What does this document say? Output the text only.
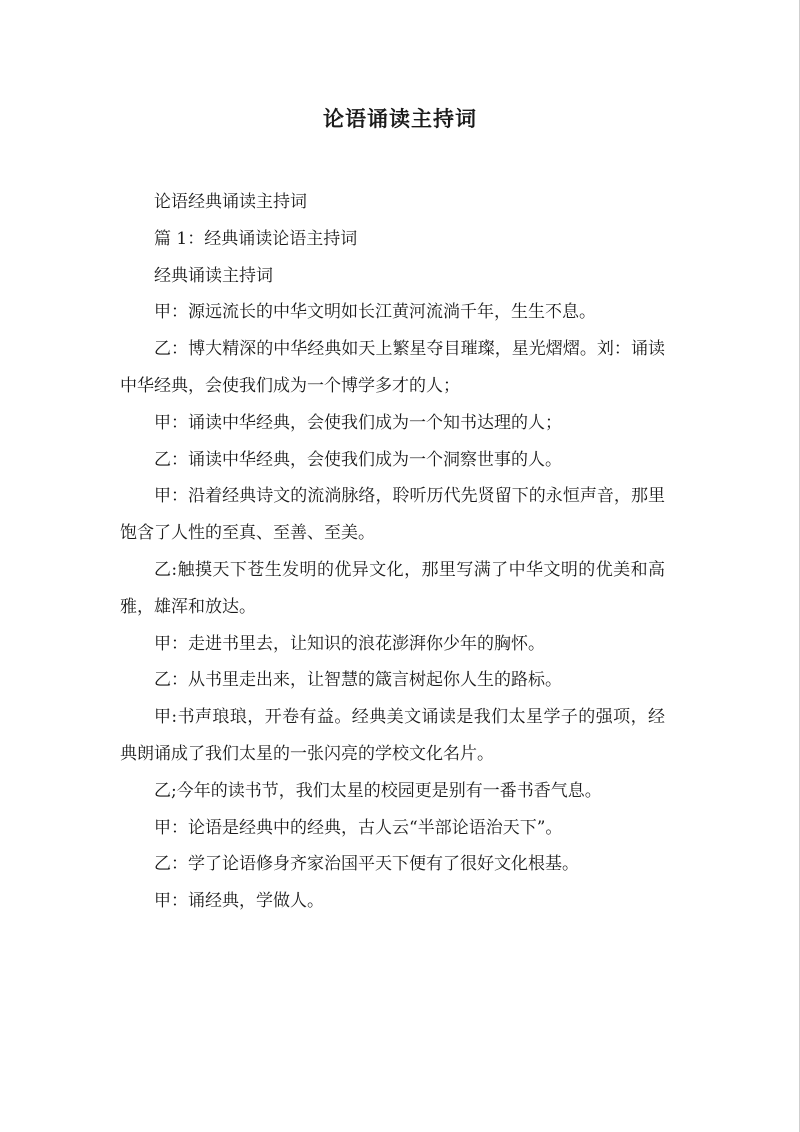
论语诵读主持词

论语经典诵读主持词

篇 1：经典诵读论语主持词

经典诵读主持词

甲：源远流长的中华文明如长江黄河流淌千年，生生不息。

乙：博大精深的中华经典如天上繁星夺目璀璨，星光熠熠。刘：诵读中华经典，会使我们成为一个博学多才的人；

甲：诵读中华经典，会使我们成为一个知书达理的人；

乙：诵读中华经典，会使我们成为一个洞察世事的人。

甲：沿着经典诗文的流淌脉络，聆听历代先贤留下的永恒声音，那里饱含了人性的至真、至善、至美。

乙:触摸天下苍生发明的优异文化，那里写满了中华文明的优美和高雅，雄浑和放达。

甲：走进书里去，让知识的浪花澎湃你少年的胸怀。

乙：从书里走出来，让智慧的箴言树起你人生的路标。

甲:书声琅琅，开卷有益。经典美文诵读是我们太星学子的强项，经典朗诵成了我们太星的一张闪亮的学校文化名片。

乙;今年的读书节，我们太星的校园更是别有一番书香气息。

甲：论语是经典中的经典，古人云“半部论语治天下”。

乙：学了论语修身齐家治国平天下便有了很好文化根基。

甲：诵经典，学做人。
